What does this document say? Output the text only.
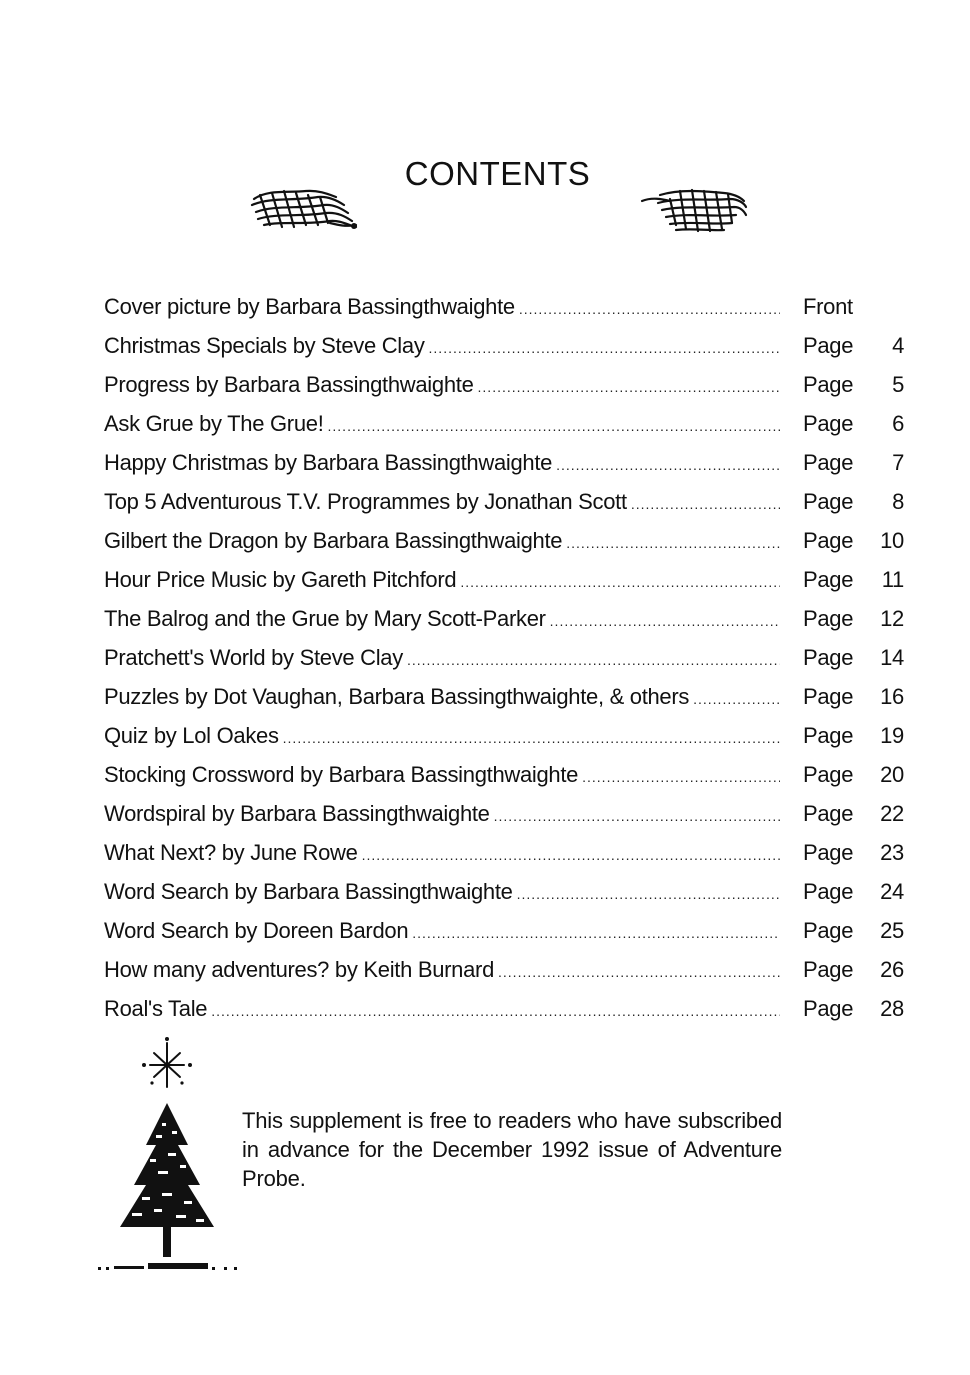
CONTENTS
Cover picture by Barbara Bassingthwaighte .....	Front
Christmas Specials by Steve Clay .....	Page 4
Progress by Barbara Bassingthwaighte .....	Page 5
Ask Grue by The Grue! .....	Page 6
Happy Christmas by Barbara Bassingthwaighte .....	Page 7
Top 5 Adventurous T.V. Programmes by Jonathan Scott .....	Page 8
Gilbert the Dragon by Barbara Bassingthwaighte .....	Page 10
Hour Price Music by Gareth Pitchford .....	Page 11
The Balrog and the Grue by Mary Scott-Parker .....	Page 12
Pratchett's World by Steve Clay .....	Page 14
Puzzles by Dot Vaughan, Barbara Bassingthwaighte, & others .....	Page 16
Quiz by Lol Oakes .....	Page 19
Stocking Crossword by Barbara Bassingthwaighte .....	Page 20
Wordspiral by Barbara Bassingthwaighte .....	Page 22
What Next? by June Rowe .....	Page 23
Word Search by Barbara Bassingthwaighte .....	Page 24
Word Search by Doreen Bardon .....	Page 25
How many adventures? by Keith Burnard .....	Page 26
Roal's Tale .....	Page 28
This supplement is free to readers who have subscribed in advance for the December 1992 issue of Adventure Probe.
